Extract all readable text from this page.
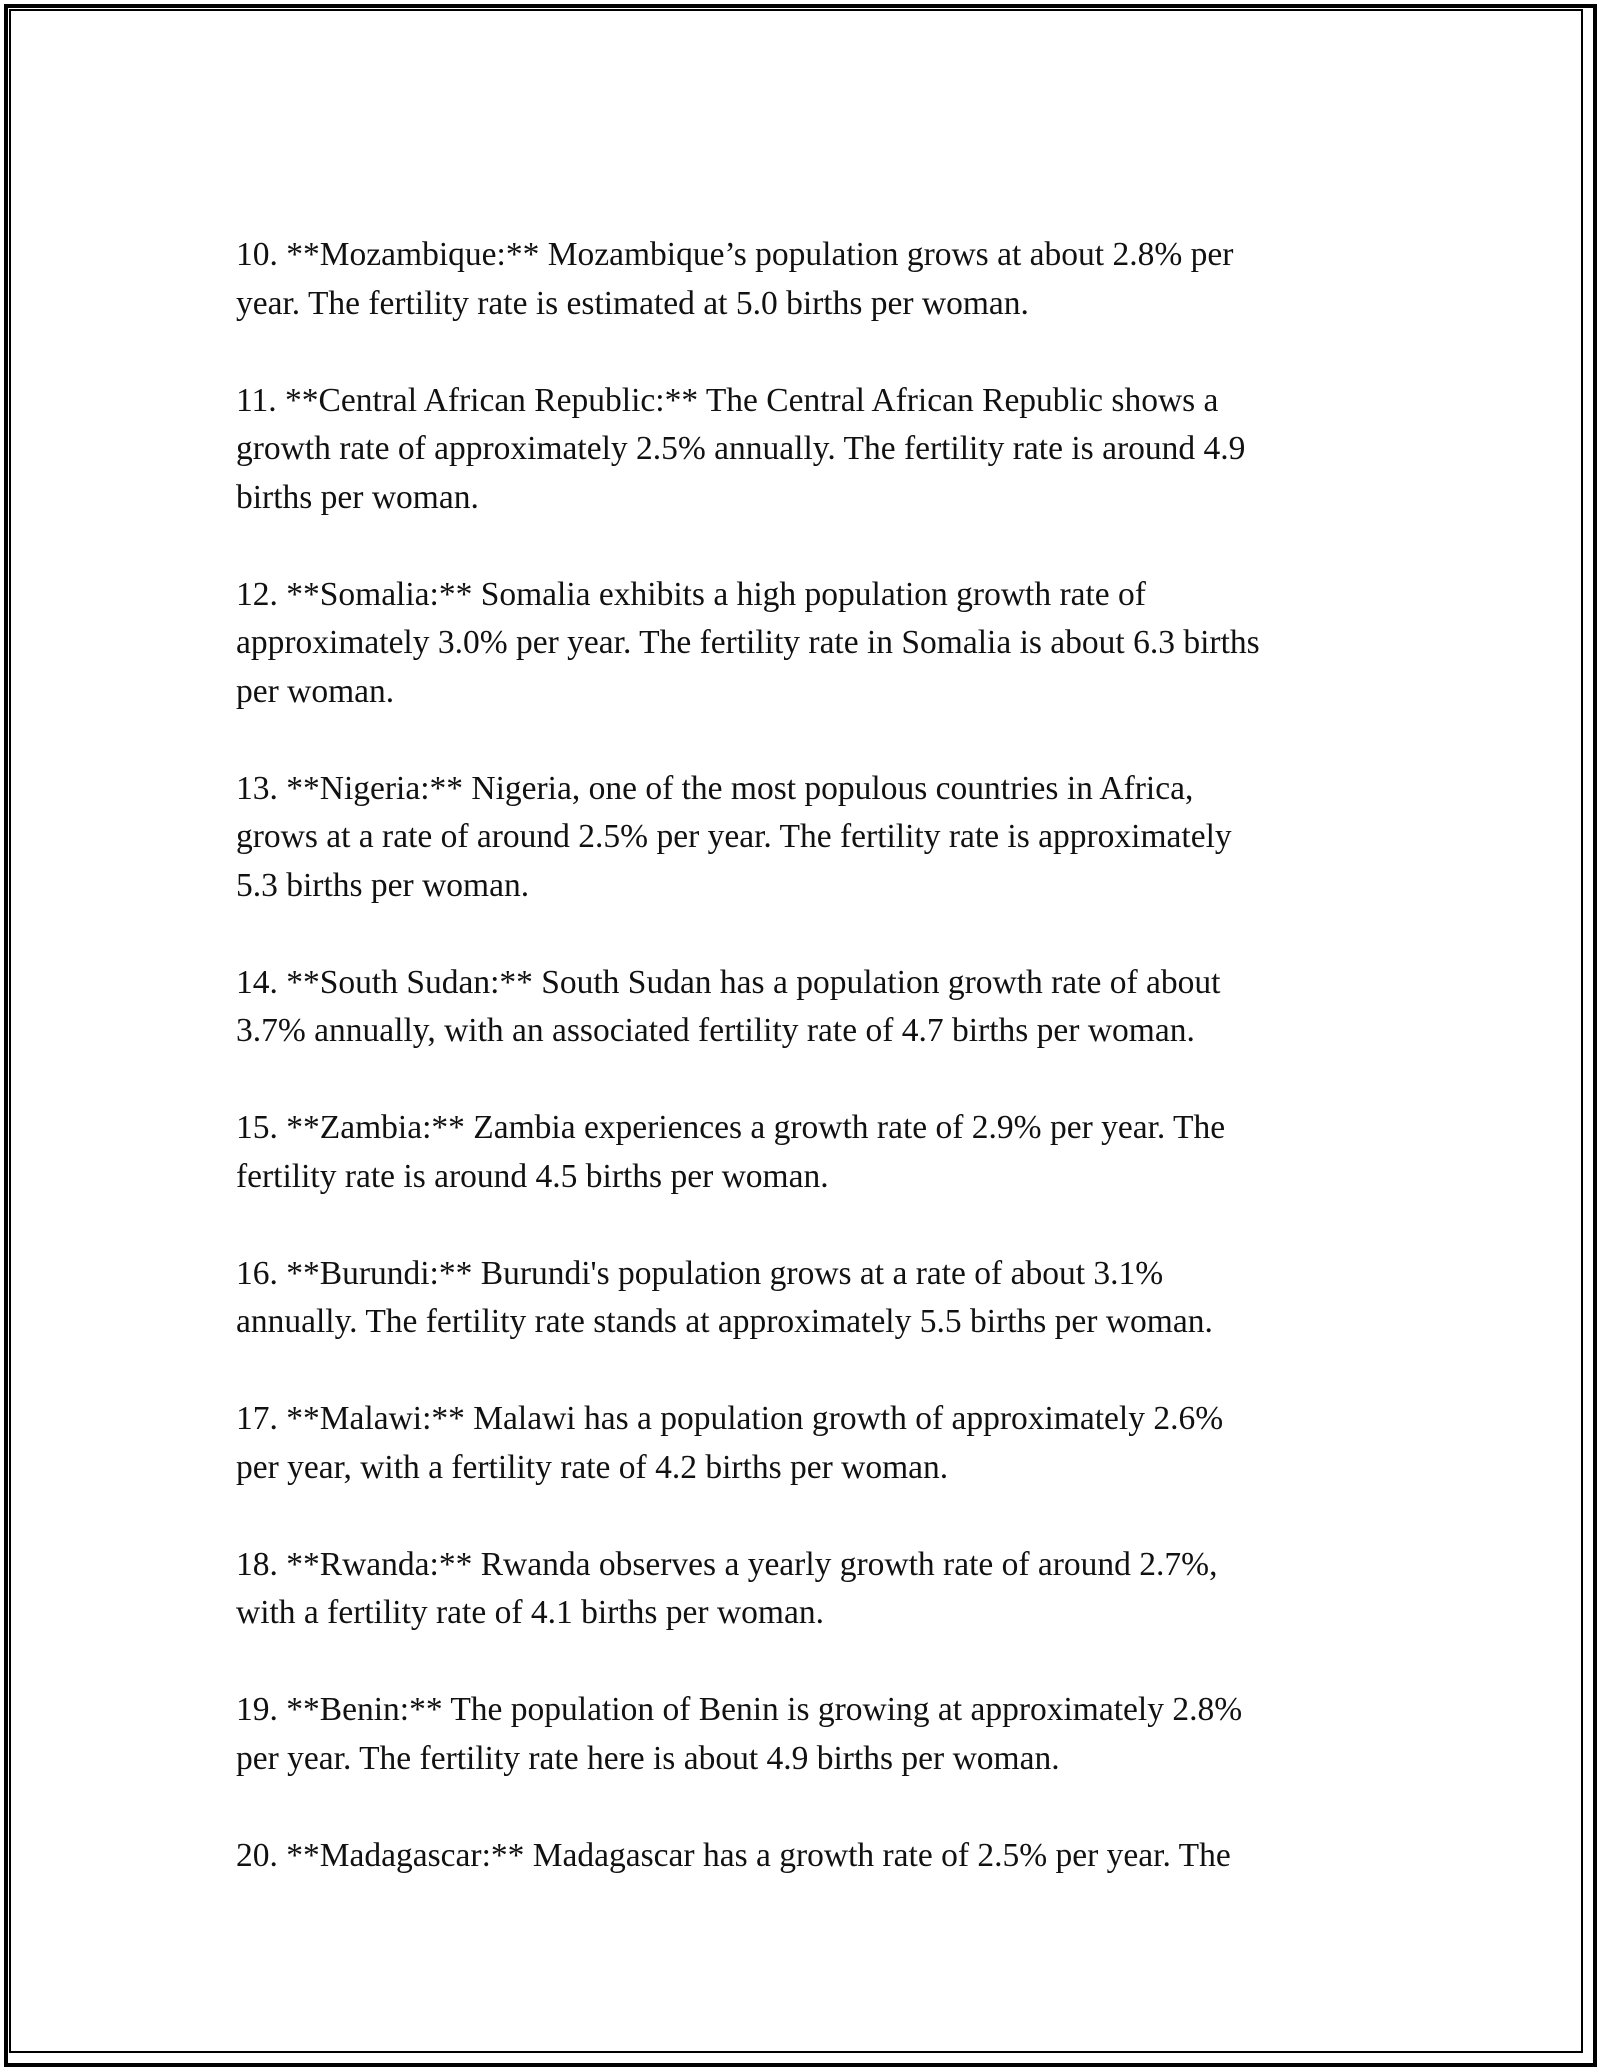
10. **Mozambique:** Mozambique’s population grows at about 2.8% per
year. The fertility rate is estimated at 5.0 births per woman.

11. **Central African Republic:** The Central African Republic shows a
growth rate of approximately 2.5% annually. The fertility rate is around 4.9
births per woman.

12. **Somalia:** Somalia exhibits a high population growth rate of
approximately 3.0% per year. The fertility rate in Somalia is about 6.3 births
per woman.

13. **Nigeria:** Nigeria, one of the most populous countries in Africa,
grows at a rate of around 2.5% per year. The fertility rate is approximately
5.3 births per woman.

14. **South Sudan:** South Sudan has a population growth rate of about
3.7% annually, with an associated fertility rate of 4.7 births per woman.

15. **Zambia:** Zambia experiences a growth rate of 2.9% per year. The
fertility rate is around 4.5 births per woman.

16. **Burundi:** Burundi's population grows at a rate of about 3.1%
annually. The fertility rate stands at approximately 5.5 births per woman.

17. **Malawi:** Malawi has a population growth of approximately 2.6%
per year, with a fertility rate of 4.2 births per woman.

18. **Rwanda:** Rwanda observes a yearly growth rate of around 2.7%,
with a fertility rate of 4.1 births per woman.

19. **Benin:** The population of Benin is growing at approximately 2.8%
per year. The fertility rate here is about 4.9 births per woman.

20. **Madagascar:** Madagascar has a growth rate of 2.5% per year. The
